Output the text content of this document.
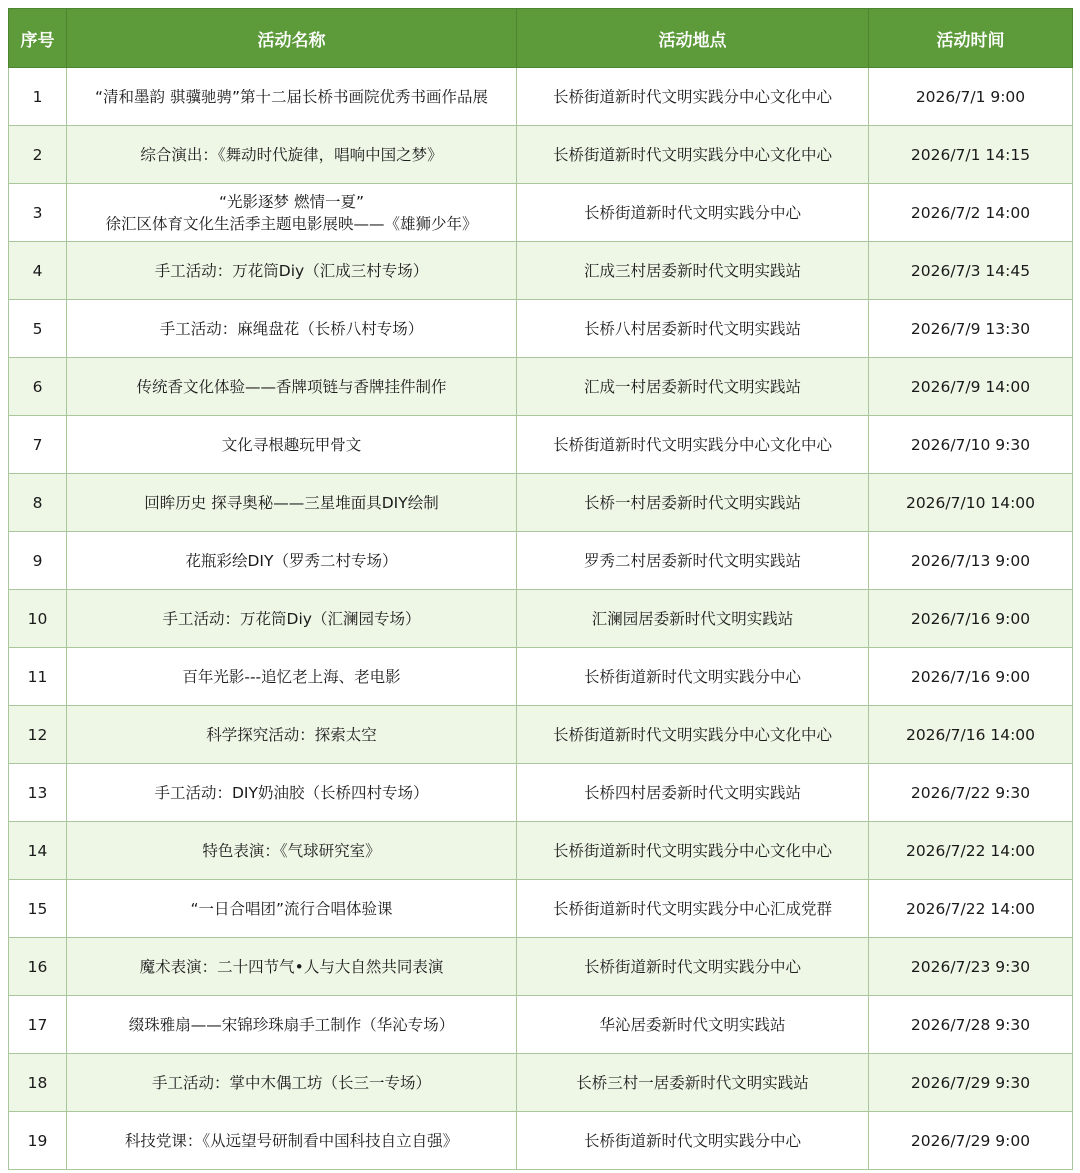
序号	活动名称	活动地点	活动时间
1	“清和墨韵 骐骥驰骋”第十二届长桥书画院优秀书画作品展	长桥街道新时代文明实践分中心文化中心	2026/7/1 9:00
2	综合演出：《舞动时代旋律，唱响中国之梦》	长桥街道新时代文明实践分中心文化中心	2026/7/1 14:15
3	“光影逐梦 燃情一夏”
徐汇区体育文化生活季主题电影展映——《雄狮少年》	长桥街道新时代文明实践分中心	2026/7/2 14:00
4	手工活动：万花筒Diy（汇成三村专场）	汇成三村居委新时代文明实践站	2026/7/3 14:45
5	手工活动：麻绳盘花（长桥八村专场）	长桥八村居委新时代文明实践站	2026/7/9 13:30
6	传统香文化体验——香牌项链与香牌挂件制作	汇成一村居委新时代文明实践站	2026/7/9 14:00
7	文化寻根趣玩甲骨文	长桥街道新时代文明实践分中心文化中心	2026/7/10 9:30
8	回眸历史 探寻奥秘——三星堆面具DIY绘制	长桥一村居委新时代文明实践站	2026/7/10 14:00
9	花瓶彩绘DIY（罗秀二村专场）	罗秀二村居委新时代文明实践站	2026/7/13 9:00
10	手工活动：万花筒Diy（汇澜园专场）	汇澜园居委新时代文明实践站	2026/7/16 9:00
11	百年光影---追忆老上海、老电影	长桥街道新时代文明实践分中心	2026/7/16 9:00
12	科学探究活动：探索太空	长桥街道新时代文明实践分中心文化中心	2026/7/16 14:00
13	手工活动：DIY奶油胶（长桥四村专场）	长桥四村居委新时代文明实践站	2026/7/22 9:30
14	特色表演：《气球研究室》	长桥街道新时代文明实践分中心文化中心	2026/7/22 14:00
15	“一日合唱团”流行合唱体验课	长桥街道新时代文明实践分中心汇成党群	2026/7/22 14:00
16	魔术表演：二十四节气•人与大自然共同表演	长桥街道新时代文明实践分中心	2026/7/23 9:30
17	缀珠雅扇——宋锦珍珠扇手工制作（华沁专场）	华沁居委新时代文明实践站	2026/7/28 9:30
18	手工活动：掌中木偶工坊（长三一专场）	长桥三村一居委新时代文明实践站	2026/7/29 9:30
19	科技党课：《从远望号研制看中国科技自立自强》	长桥街道新时代文明实践分中心	2026/7/29 9:00
